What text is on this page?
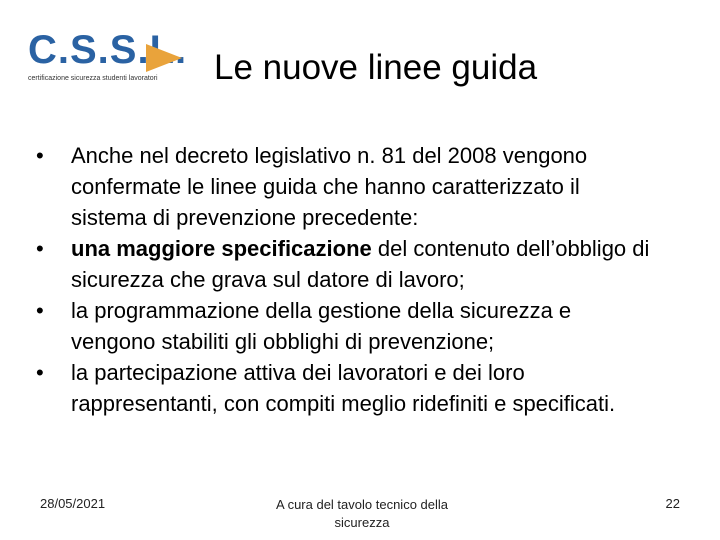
C.S.S.L.
certificazione sicurezza studenti lavoratori	Le nuove linee guida
• Anche nel decreto legislativo n. 81 del 2008 vengono confermate le linee guida che hanno caratterizzato il sistema di prevenzione precedente:
• una maggiore specificazione del contenuto dell’obbligo di sicurezza che grava sul datore di lavoro;
• la programmazione della gestione della sicurezza e vengono stabiliti gli obblighi di prevenzione;
• la partecipazione attiva dei lavoratori e dei loro rappresentanti, con compiti meglio ridefiniti e specificati.
28/05/2021	A cura del tavolo tecnico della sicurezza
22
